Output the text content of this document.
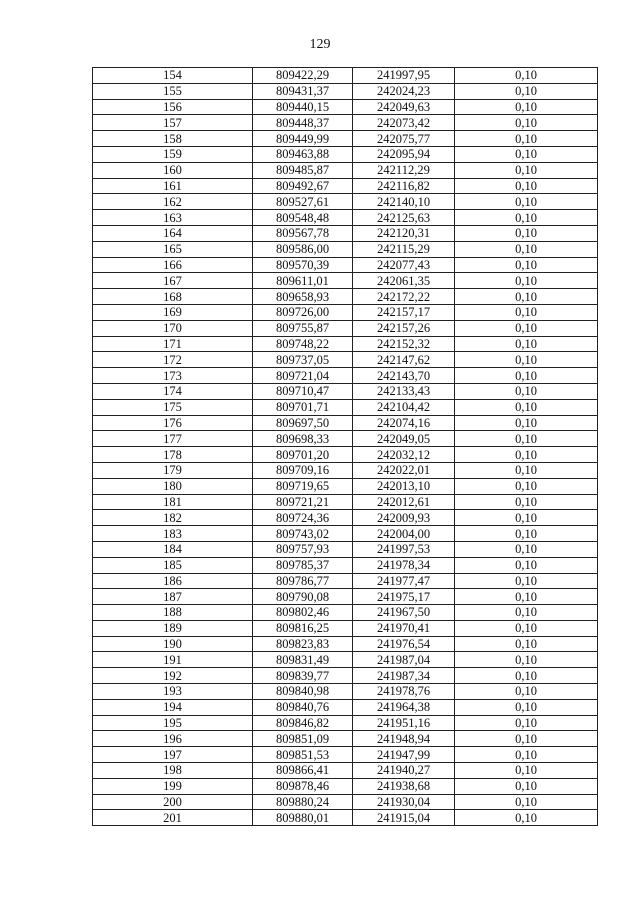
129
154	809422,29	241997,95	0,10
155	809431,37	242024,23	0,10
156	809440,15	242049,63	0,10
157	809448,37	242073,42	0,10
158	809449,99	242075,77	0,10
159	809463,88	242095,94	0,10
160	809485,87	242112,29	0,10
161	809492,67	242116,82	0,10
162	809527,61	242140,10	0,10
163	809548,48	242125,63	0,10
164	809567,78	242120,31	0,10
165	809586,00	242115,29	0,10
166	809570,39	242077,43	0,10
167	809611,01	242061,35	0,10
168	809658,93	242172,22	0,10
169	809726,00	242157,17	0,10
170	809755,87	242157,26	0,10
171	809748,22	242152,32	0,10
172	809737,05	242147,62	0,10
173	809721,04	242143,70	0,10
174	809710,47	242133,43	0,10
175	809701,71	242104,42	0,10
176	809697,50	242074,16	0,10
177	809698,33	242049,05	0,10
178	809701,20	242032,12	0,10
179	809709,16	242022,01	0,10
180	809719,65	242013,10	0,10
181	809721,21	242012,61	0,10
182	809724,36	242009,93	0,10
183	809743,02	242004,00	0,10
184	809757,93	241997,53	0,10
185	809785,37	241978,34	0,10
186	809786,77	241977,47	0,10
187	809790,08	241975,17	0,10
188	809802,46	241967,50	0,10
189	809816,25	241970,41	0,10
190	809823,83	241976,54	0,10
191	809831,49	241987,04	0,10
192	809839,77	241987,34	0,10
193	809840,98	241978,76	0,10
194	809840,76	241964,38	0,10
195	809846,82	241951,16	0,10
196	809851,09	241948,94	0,10
197	809851,53	241947,99	0,10
198	809866,41	241940,27	0,10
199	809878,46	241938,68	0,10
200	809880,24	241930,04	0,10
201	809880,01	241915,04	0,10
